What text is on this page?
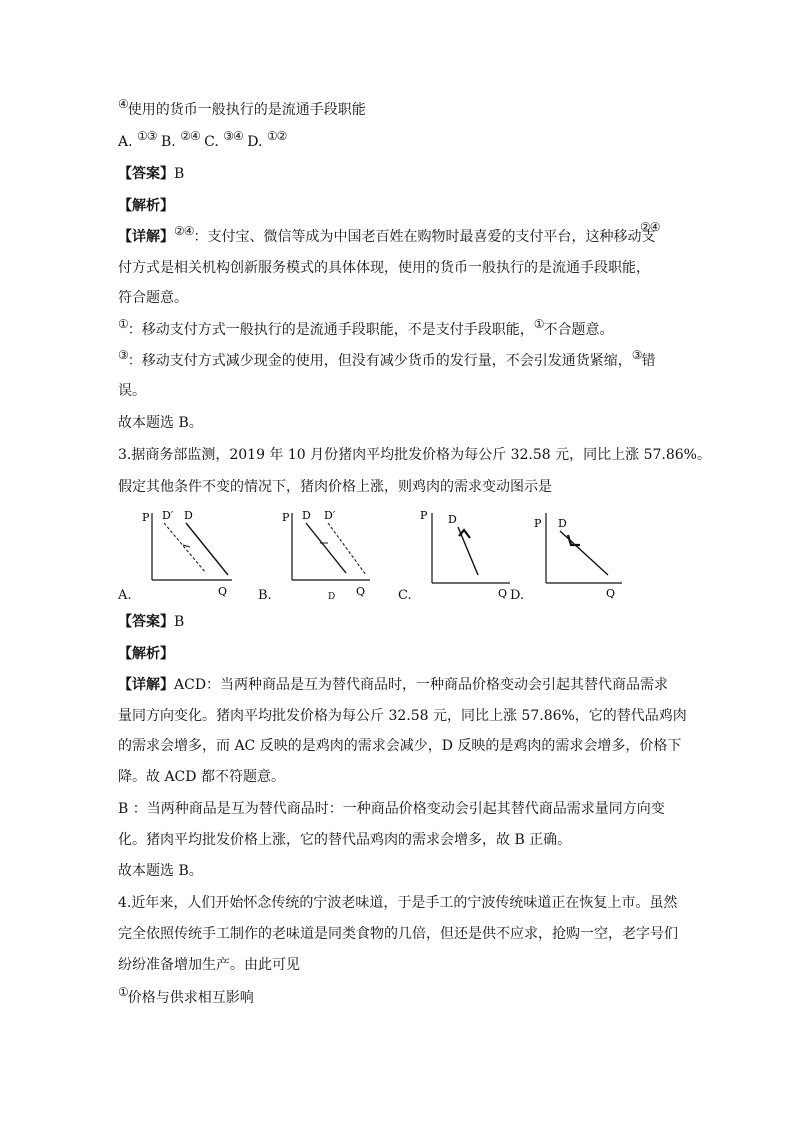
④使用的货币一般执行的是流通手段职能
A. ①③ B. ②④ C. ③④ D. ①②
【答案】B
【解析】
【详解】②④：支付宝、微信等成为中国老百姓在购物时最喜爱的支付平台，这种移动支
②④
付方式是相关机构创新服务模式的具体体现，使用的货币一般执行的是流通手段职能，
符合题意。
①：移动支付方式一般执行的是流通手段职能，不是支付手段职能，①不合题意。
③：移动支付方式减少现金的使用，但没有减少货币的发行量，不会引发通货紧缩，③错
误。
故本题选 B。
3.据商务部监测，2019 年 10 月份猪肉平均批发价格为每公斤 32.58 元，同比上涨 57.86%。
假定其他条件不变的情况下，猪肉价格上涨，则鸡肉的需求变动图示是
P D′ D
Q
P D D′
Q
P D
Q
P D
Q
A.	B.	C.	D.
D
【答案】B
【解析】
【详解】ACD：当两种商品是互为替代商品时，一种商品价格变动会引起其替代商品需求
量同方向变化。猪肉平均批发价格为每公斤 32.58 元，同比上涨 57.86%，它的替代品鸡肉
的需求会增多，而 AC 反映的是鸡肉的需求会减少，D 反映的是鸡肉的需求会增多，价格下
降。故 ACD 都不符题意。
B ：当两种商品是互为替代商品时：一种商品价格变动会引起其替代商品需求量同方向变
化。猪肉平均批发价格上涨，它的替代品鸡肉的需求会增多，故 B 正确。
故本题选 B。
4.近年来，人们开始怀念传统的宁波老味道，于是手工的宁波传统味道正在恢复上市。虽然
完全依照传统手工制作的老味道是同类食物的几倍，但还是供不应求，抢购一空，老字号们
纷纷准备增加生产。由此可见
①价格与供求相互影响
